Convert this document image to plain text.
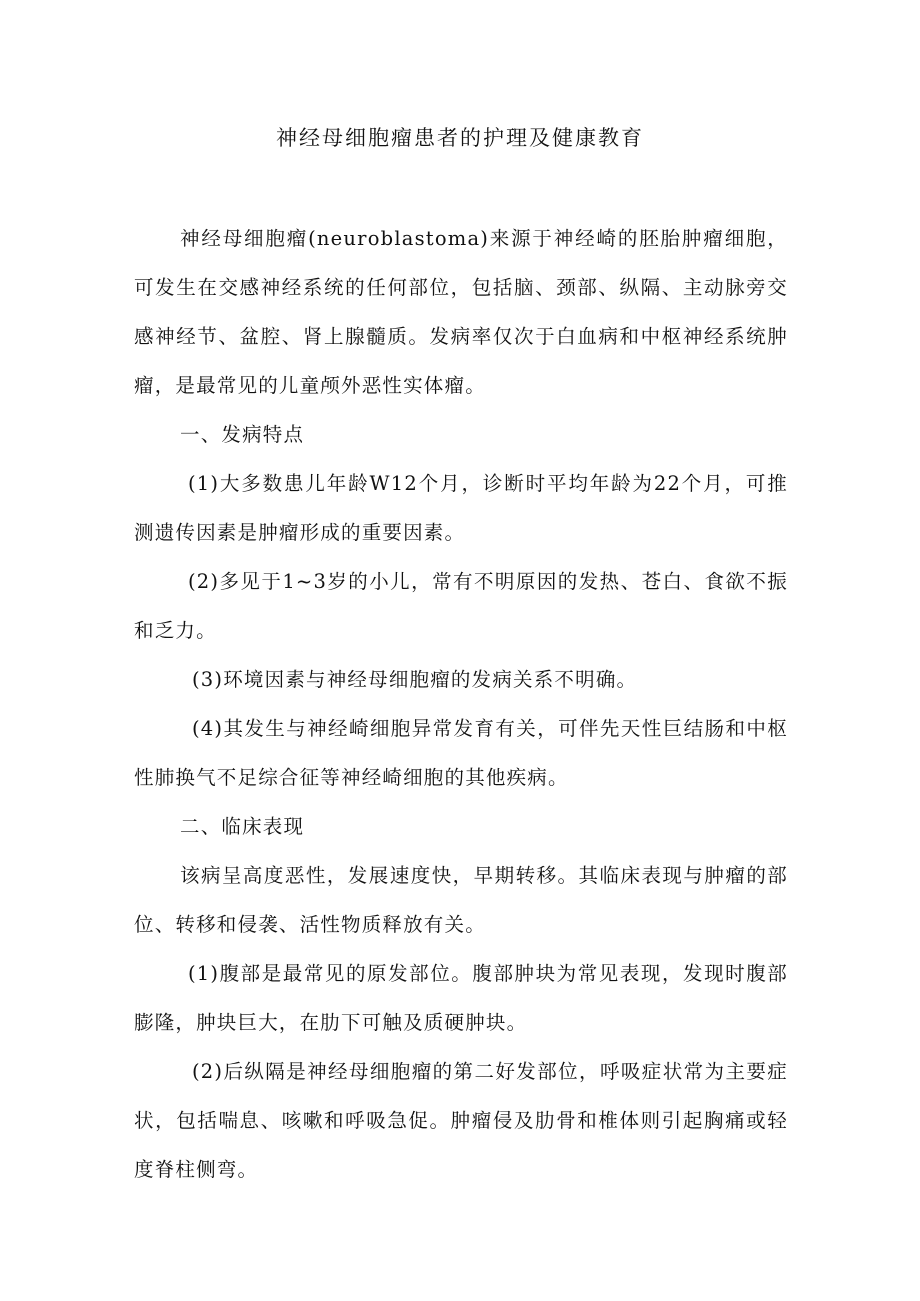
神经母细胞瘤患者的护理及健康教育

神经母细胞瘤(neuroblastoma)来源于神经崎的胚胎肿瘤细胞，可发生在交感神经系统的任何部位，包括脑、颈部、纵隔、主动脉旁交感神经节、盆腔、肾上腺髓质。发病率仅次于白血病和中枢神经系统肿瘤，是最常见的儿童颅外恶性实体瘤。

一、发病特点

(1)大多数患儿年龄W12个月，诊断时平均年龄为22个月，可推测遗传因素是肿瘤形成的重要因素。

(2)多见于1~3岁的小儿，常有不明原因的发热、苍白、食欲不振和乏力。

(3)环境因素与神经母细胞瘤的发病关系不明确。

(4)其发生与神经崎细胞异常发育有关，可伴先天性巨结肠和中枢性肺换气不足综合征等神经崎细胞的其他疾病。

二、临床表现

该病呈高度恶性，发展速度快，早期转移。其临床表现与肿瘤的部位、转移和侵袭、活性物质释放有关。

(1)腹部是最常见的原发部位。腹部肿块为常见表现，发现时腹部膨隆，肿块巨大，在肋下可触及质硬肿块。

(2)后纵隔是神经母细胞瘤的第二好发部位，呼吸症状常为主要症状，包括喘息、咳嗽和呼吸急促。肿瘤侵及肋骨和椎体则引起胸痛或轻度脊柱侧弯。
